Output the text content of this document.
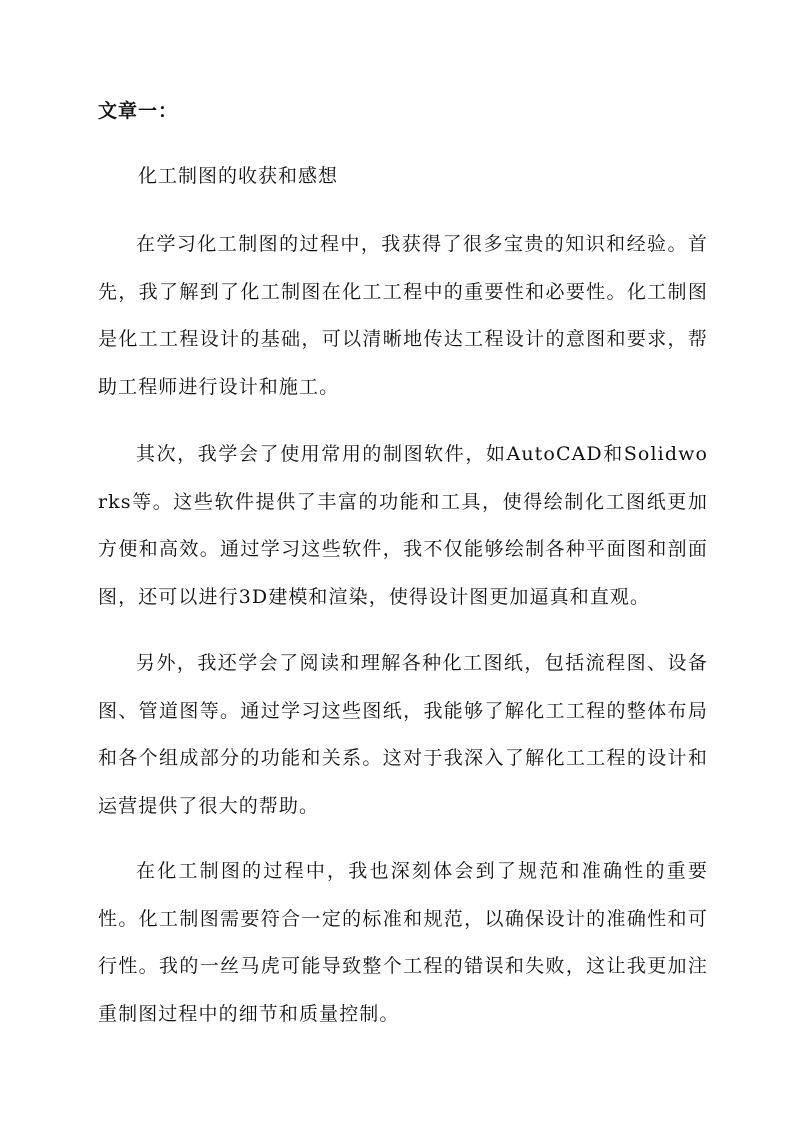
文章一：
化工制图的收获和感想

在学习化工制图的过程中，我获得了很多宝贵的知识和经验。首先，我了解到了化工制图在化工工程中的重要性和必要性。化工制图是化工工程设计的基础，可以清晰地传达工程设计的意图和要求，帮助工程师进行设计和施工。

其次，我学会了使用常用的制图软件，如AutoCAD和Solidworks等。这些软件提供了丰富的功能和工具，使得绘制化工图纸更加方便和高效。通过学习这些软件，我不仅能够绘制各种平面图和剖面图，还可以进行3D建模和渲染，使得设计图更加逼真和直观。

另外，我还学会了阅读和理解各种化工图纸，包括流程图、设备图、管道图等。通过学习这些图纸，我能够了解化工工程的整体布局和各个组成部分的功能和关系。这对于我深入了解化工工程的设计和运营提供了很大的帮助。

在化工制图的过程中，我也深刻体会到了规范和准确性的重要性。化工制图需要符合一定的标准和规范，以确保设计的准确性和可行性。我的一丝马虎可能导致整个工程的错误和失败，这让我更加注重制图过程中的细节和质量控制。
